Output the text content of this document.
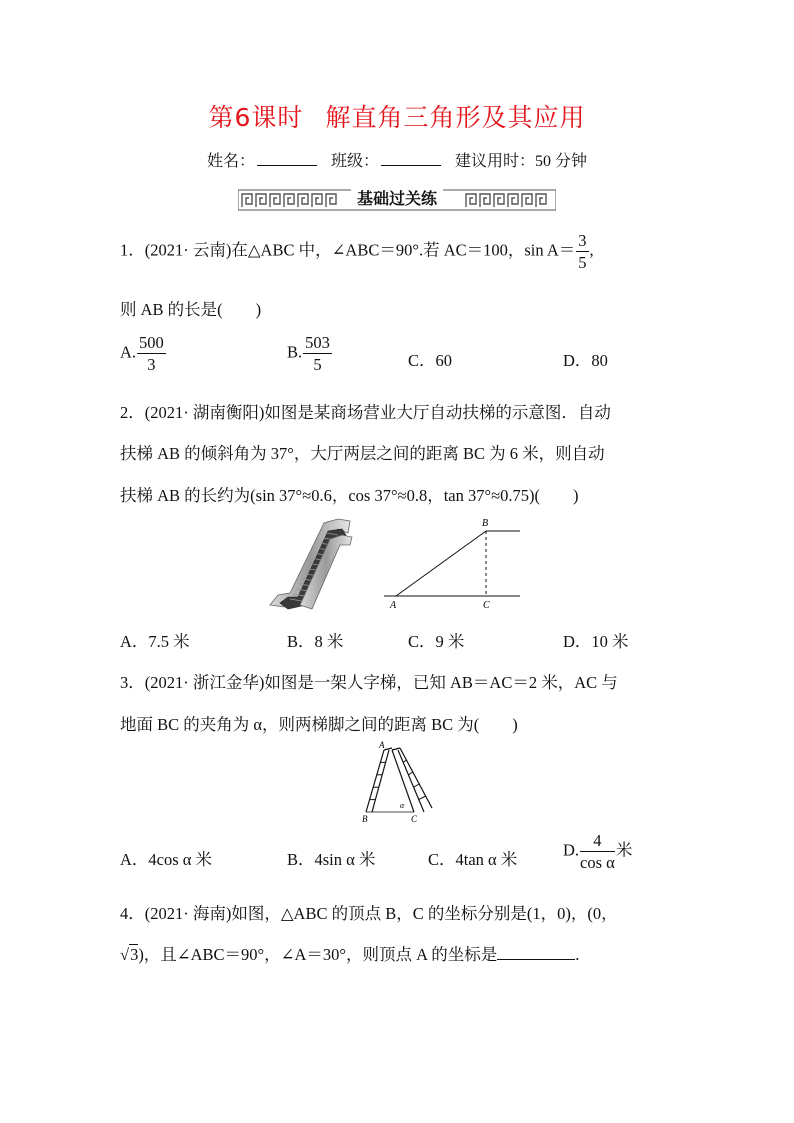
第6课时 解直角三角形及其应用
姓名：	班级：	建议用时：50 分钟
基础过关练
1．(2021· 云南)在△ABC 中，∠ABC＝90°.若 AC＝100，$\sin A= \frac{3}{5}$ ,
则 AB 的长是(　　)
A. $\frac{500}{3}$	B. $\frac{503}{5}$	C．60	D．80
2．(2021· 湖南衡阳)如图是某商场营业大厅自动扶梯的示意图．自动
扶梯 AB 的倾斜角为 37°，大厅两层之间的距离 BC 为 6 米，则自动
扶梯 AB 的长约为(sin 37°≈0.6，cos 37°≈0.8，tan 37°≈0.75)(　　)
B
A	C
A．7.5 米	B．8 米	C．9 米	D．10 米
3．(2021· 浙江金华)如图是一架人字梯，已知 AB＝AC＝2 米，AC 与
地面 BC 的夹角为 α，则两梯脚之间的距离 BC 为(　　)
A
B	C
α
A．4cos α 米	B．4sin α 米	C．4tan α 米	D. $\frac{4}{\text{cos α}}$ 米
4．(2021· 海南)如图，△ABC 的顶点 B，C 的坐标分别是(1，0)，(0，
√3)，且∠ABC＝90°，∠A＝30°，则顶点 A 的坐标是	.
